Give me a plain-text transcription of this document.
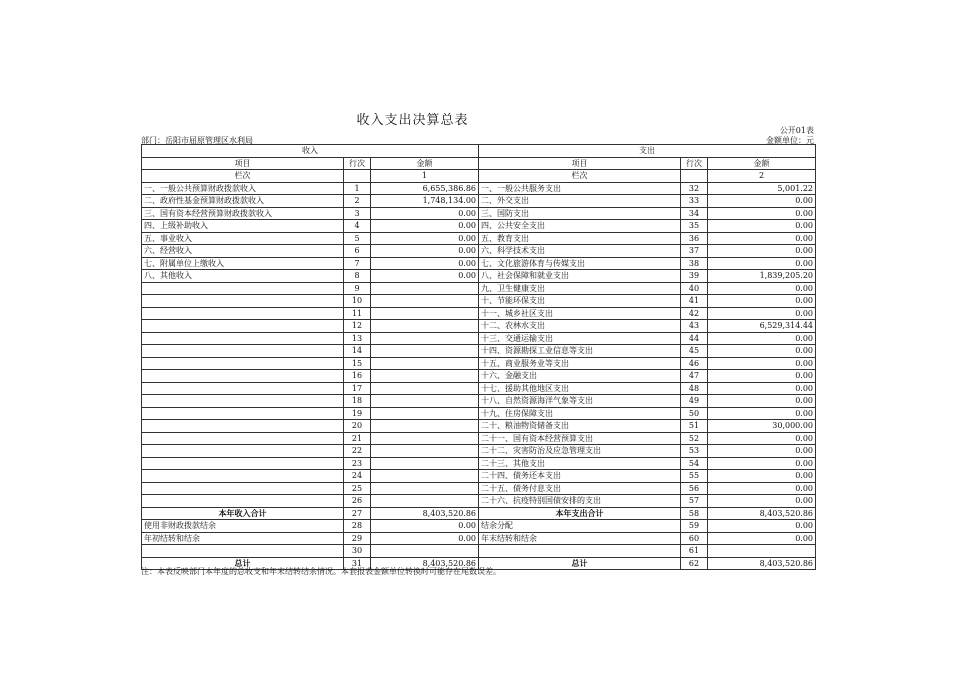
收入支出决算总表
公开01表
部门：岳阳市屈原管理区水利局	金额单位：元
收入			支出		
项目	行次	金额	项目	行次	金额
栏次		1	栏次		2
一、一般公共预算财政拨款收入	1	6,655,386.86	一、一般公共服务支出	32	5,001.22
二、政府性基金预算财政拨款收入	2	1,748,134.00	二、外交支出	33	0.00
三、国有资本经营预算财政拨款收入	3	0.00	三、国防支出	34	0.00
四、上级补助收入	4	0.00	四、公共安全支出	35	0.00
五、事业收入	5	0.00	五、教育支出	36	0.00
六、经营收入	6	0.00	六、科学技术支出	37	0.00
七、附属单位上缴收入	7	0.00	七、文化旅游体育与传媒支出	38	0.00
八、其他收入	8	0.00	八、社会保障和就业支出	39	1,839,205.20
	9		九、卫生健康支出	40	0.00
	10		十、节能环保支出	41	0.00
	11		十一、城乡社区支出	42	0.00
	12		十二、农林水支出	43	6,529,314.44
	13		十三、交通运输支出	44	0.00
	14		十四、资源勘探工业信息等支出	45	0.00
	15		十五、商业服务业等支出	46	0.00
	16		十六、金融支出	47	0.00
	17		十七、援助其他地区支出	48	0.00
	18		十八、自然资源海洋气象等支出	49	0.00
	19		十九、住房保障支出	50	0.00
	20		二十、粮油物资储备支出	51	30,000.00
	21		二十一、国有资本经营预算支出	52	0.00
	22		二十二、灾害防治及应急管理支出	53	0.00
	23		二十三、其他支出	54	0.00
	24		二十四、债务还本支出	55	0.00
	25		二十五、债务付息支出	56	0.00
	26		二十六、抗疫特别国债安排的支出	57	0.00
本年收入合计	27	8,403,520.86	本年支出合计	58	8,403,520.86
使用非财政拨款结余	28	0.00	结余分配	59	0.00
年初结转和结余	29	0.00	年末结转和结余	60	0.00
	30			61	
总计	31	8,403,520.86	总计	62	8,403,520.86
注：本表反映部门本年度的总收支和年末结转结余情况。本套报表金额单位转换时可能存在尾数误差。
